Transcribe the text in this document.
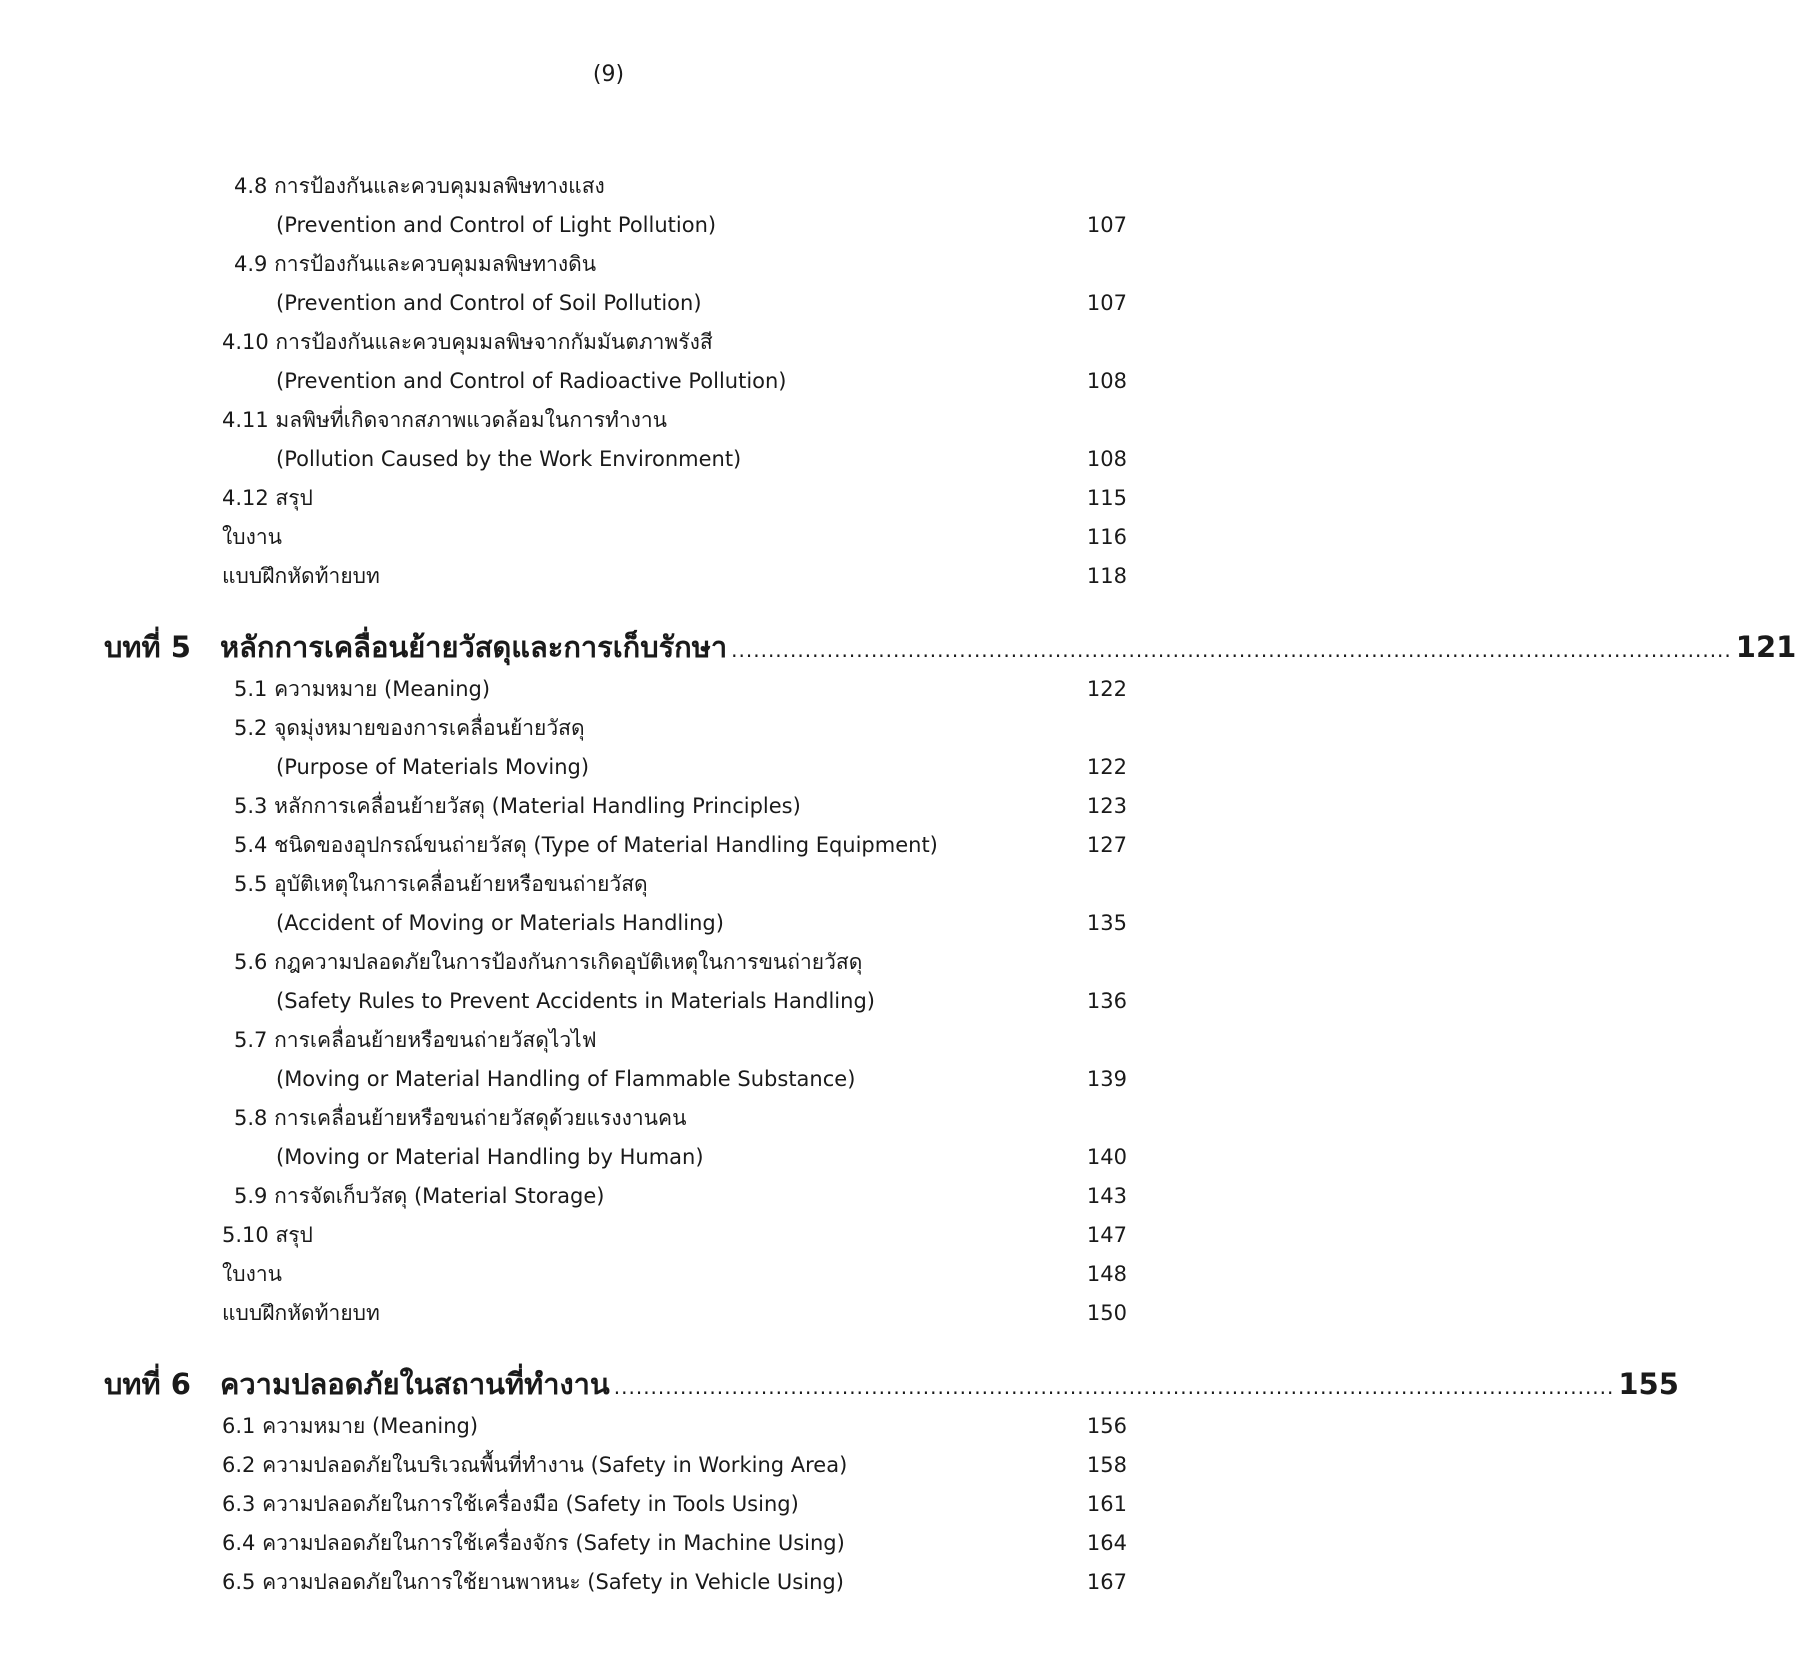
(9)
4.8 การป้องกันและควบคุมมลพิษทางแสง
(Prevention and Control of Light Pollution)	107
4.9 การป้องกันและควบคุมมลพิษทางดิน
(Prevention and Control of Soil Pollution)	107
4.10 การป้องกันและควบคุมมลพิษจากกัมมันตภาพรังสี
(Prevention and Control of Radioactive Pollution)	108
4.11 มลพิษที่เกิดจากสภาพแวดล้อมในการทำงาน
(Pollution Caused by the Work Environment)	108
4.12 สรุป	115
ใบงาน	116
แบบฝึกหัดท้ายบท	118
บทที่ 5 หลักการเคลื่อนย้ายวัสดุและการเก็บรักษา ........................................................................................................................................ 121
5.1 ความหมาย (Meaning)	122
5.2 จุดมุ่งหมายของการเคลื่อนย้ายวัสดุ
(Purpose of Materials Moving)	122
5.3 หลักการเคลื่อนย้ายวัสดุ (Material Handling Principles)	123
5.4 ชนิดของอุปกรณ์ขนถ่ายวัสดุ (Type of Material Handling Equipment)	127
5.5 อุบัติเหตุในการเคลื่อนย้ายหรือขนถ่ายวัสดุ
(Accident of Moving or Materials Handling)	135
5.6 กฎความปลอดภัยในการป้องกันการเกิดอุบัติเหตุในการขนถ่ายวัสดุ
(Safety Rules to Prevent Accidents in Materials Handling)	136
5.7 การเคลื่อนย้ายหรือขนถ่ายวัสดุไวไฟ
(Moving or Material Handling of Flammable Substance)	139
5.8 การเคลื่อนย้ายหรือขนถ่ายวัสดุด้วยแรงงานคน
(Moving or Material Handling by Human)	140
5.9 การจัดเก็บวัสดุ (Material Storage)	143
5.10 สรุป	147
ใบงาน	148
แบบฝึกหัดท้ายบท	150
บทที่ 6 ความปลอดภัยในสถานที่ทำงาน ........................................................................................................................................ 155
6.1 ความหมาย (Meaning)	156
6.2 ความปลอดภัยในบริเวณพื้นที่ทำงาน (Safety in Working Area)	158
6.3 ความปลอดภัยในการใช้เครื่องมือ (Safety in Tools Using)	161
6.4 ความปลอดภัยในการใช้เครื่องจักร (Safety in Machine Using)	164
6.5 ความปลอดภัยในการใช้ยานพาหนะ (Safety in Vehicle Using)	167
